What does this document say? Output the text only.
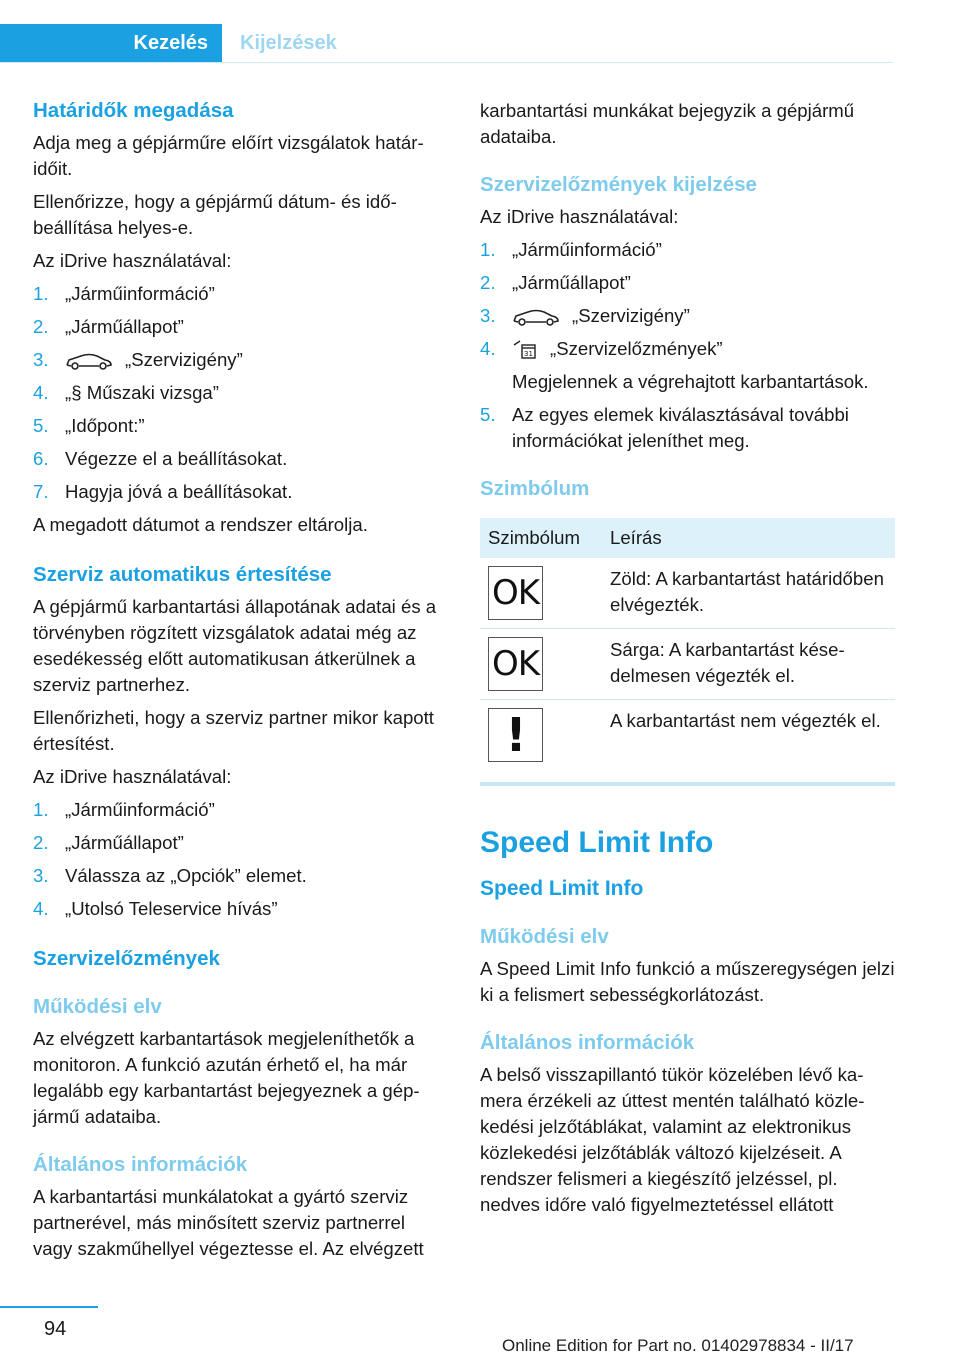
Kezelés	Kijelzések
Határidők megadása
Adja meg a gépjárműre előírt vizsgálatok határidőit.
Ellenőrizze, hogy a gépjármű dátum- és időbeállítása helyes-e.
Az iDrive használatával:
1. „Járműinformáció”
2. „Járműállapot”
3.	„Szervizigény”
4. „§ Műszaki vizsga”
5. „Időpont:”
6. Végezze el a beállításokat.
7. Hagyja jóvá a beállításokat.
A megadott dátumot a rendszer eltárolja.
Szerviz automatikus értesítése
A gépjármű karbantartási állapotának adatai és a törvényben rögzített vizsgálatok adatai még az esedékesség előtt automatikusan átkerülnek a szerviz partnerhez.
Ellenőrizheti, hogy a szerviz partner mikor kapott értesítést.
Az iDrive használatával:
1. „Járműinformáció”
2. „Járműállapot”
3. Válassza az „Opciók” elemet.
4. „Utolsó Teleservice hívás”
Szervizelőzmények
Működési elv
Az elvégzett karbantartások megjeleníthetők a monitoron. A funkció azután érhető el, ha már legalább egy karbantartást bejegyeznek a gépjármű adataiba.
Általános információk
A karbantartási munkálatokat a gyártó szerviz partnerével, más minősített szerviz partnerrel vagy szakműhellyel végeztesse el. Az elvégzett
karbantartási munkákat bejegyzik a gépjármű adataiba.
Szervizelőzmények kijelzése
Az iDrive használatával:
1. „Járműinformáció”
2. „Járműállapot”
3.	„Szervizigény”
4.	31 „Szervizelőzmények”
Megjelennek a végrehajtott karbantartások.
5. Az egyes elemek kiválasztásával további információkat jeleníthet meg.
Szimbólum
Szimbólum	Leírás

OK	Zöld: A karbantartást határidőben elvégezték.

OK	Sárga: A karbantartást késedelmesen végezték el.

!	A karbantartást nem végezték el.
Speed Limit Info
Speed Limit Info
Működési elv
A Speed Limit Info funkció a műszeregységen jelzi ki a felismert sebességkorlátozást.
Általános információk
A belső visszapillantó tükör közelében lévő kamera érzékeli az úttest mentén található közlekedési jelzőtáblákat, valamint az elektronikus közlekedési jelzőtáblák változó kijelzéseit. A rendszer felismeri a kiegészítő jelzéssel, pl. nedves időre való figyelmeztetéssel ellátott
94
Online Edition for Part no. 01402978834 - II/17
